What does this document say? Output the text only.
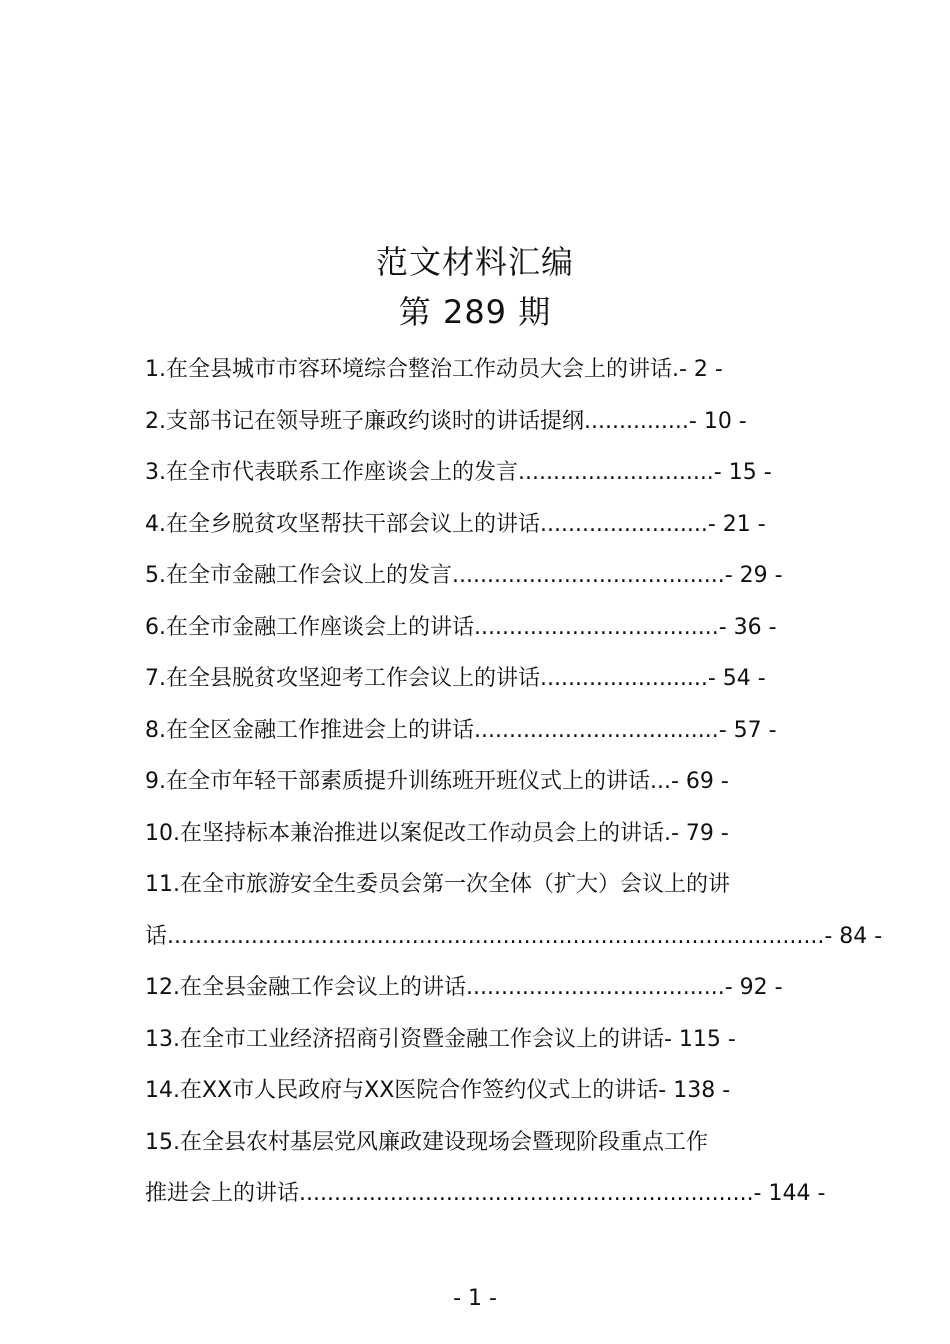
范文材料汇编
第 289 期
1.在全县城市市容环境综合整治工作动员大会上的讲话.- 2 -
2.支部书记在领导班子廉政约谈时的讲话提纲...............- 10 -
3.在全市代表联系工作座谈会上的发言............................- 15 -
4.在全乡脱贫攻坚帮扶干部会议上的讲话........................- 21 -
5.在全市金融工作会议上的发言.......................................- 29 -
6.在全市金融工作座谈会上的讲话...................................- 36 -
7.在全县脱贫攻坚迎考工作会议上的讲话........................- 54 -
8.在全区金融工作推进会上的讲话...................................- 57 -
9.在全市年轻干部素质提升训练班开班仪式上的讲话...- 69 -
10.在坚持标本兼治推进以案促改工作动员会上的讲话.- 79 -
11.在全市旅游安全生委员会第一次全体（扩大）会议上的讲
话..............................................................................................- 84 -
12.在全县金融工作会议上的讲话.....................................- 92 -
13.在全市工业经济招商引资暨金融工作会议上的讲话- 115 -
14.在XX市人民政府与XX医院合作签约仪式上的讲话- 138 -
15.在全县农村基层党风廉政建设现场会暨现阶段重点工作
推进会上的讲话.................................................................- 144 -
- 1 -
